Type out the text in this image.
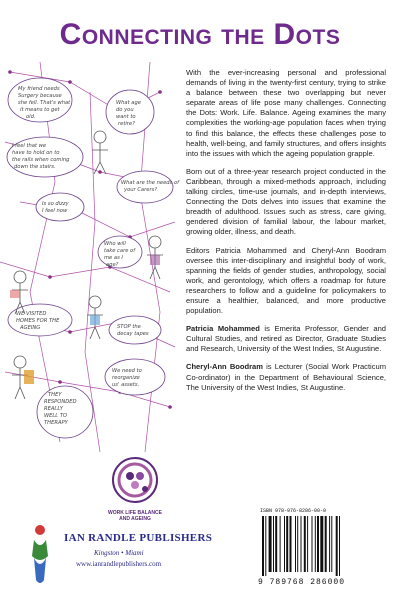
Connecting the Dots
My friend needs
Surgery because
she fell. That's what
it means to get
old.
What age
do you
want to
retire?
I feel that we
have to hold on to
the rails when coming
down the stairs.
Is so dizzy
I feel now
What are the needs of
your Carers?
Who will
take care of
me as I
age?
WE VISITED
HOMES FOR THE
AGEING	STOP the
decay tapes
We need to
reorganize
us' assets.
THEY
RESPONDED
REALLY
WELL TO
THERAPY

With the ever-increasing personal and professional demands of living in the twenty-first century, trying to strike a balance between these two overlapping but never separate areas of life pose many challenges. Connecting the Dots: Work. Life. Balance. Ageing examines the many complexities the working-age population faces when trying to find this balance, the effects these challenges pose to health, well-being, and family structures, and offers insights into the issues with which the ageing population grapple.

Born out of a three-year research project conducted in the Caribbean, through a mixed-methods approach, including talking circles, time-use journals, and in-depth interviews, Connecting the Dots delves into issues that examine the breadth of adulthood. Issues such as stress, care giving, gendered division of familial labour, the labour market, growing older, illness, and death.

Editors Patricia Mohammed and Cheryl-Ann Boodram oversee this inter-disciplinary and insightful body of work, spanning the fields of gender studies, anthropology, social work, and gerontology, which offers a roadmap for future researchers to follow and a guideline for policymakers to ensure a healthier, balanced, and more productive population.

Patricia Mohammed is Emerita Professor, Gender and Cultural Studies, and retired as Director, Graduate Studies and Research, University of the West Indies, St Augustine.

Cheryl-Ann Boodram is Lecturer (Social Work Practicum Co-ordinator) in the Department of Behavioural Science, The University of the West Indies, St Augustine.

WORK LIFE BALANCE
AND AGEING
IAN RANDLE PUBLISHERS
Kingston • Miami
www.ianrandlepublishers.com
ISBN 978-976-8286-00-0
9 789768 286000
